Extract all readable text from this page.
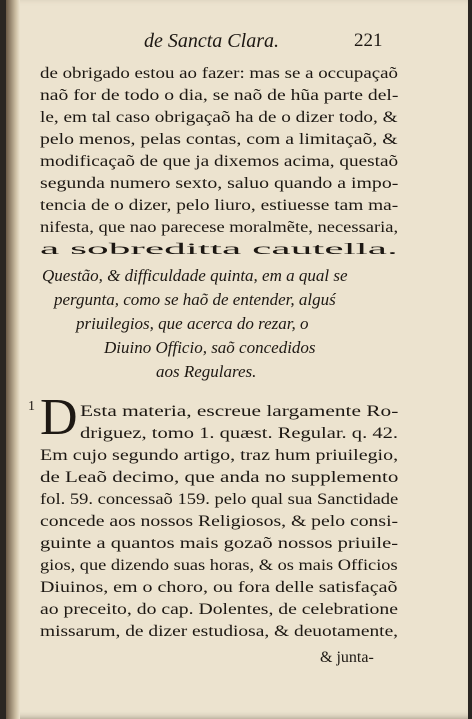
de Sancta Clara.	221
de obrigado estou ao fazer: mas se a occupaçaõ
naõ for de todo o dia, se naõ de hũa parte del-
le, em tal caso obrigaçaõ ha de o dizer todo, &
pelo menos, pelas contas, com a limitaçaõ, &
modificaçaõ de que ja dixemos acima, questaõ
segunda numero sexto, saluo quando a impo-
tencia de o dizer, pelo liuro, estiuesse tam ma-
nifesta, que nao parecese moralmẽte, necessaria,
a sobreditta cautella.
Questão, & difficuldade quinta, em a qual se
pergunta, como se haõ de entender, alguś
priuilegios, que acerca do rezar, o
Diuino Officio, saõ concedidos
aos Regulares.
1 D Esta materia, escreue largamente Ro-
driguez, tomo 1. quæst. Regular. q. 42.
Em cujo segundo artigo, traz hum priuilegio,
de Leaõ decimo, que anda no supplemento
fol. 59. concessaõ 159. pelo qual sua Sanctidade
concede aos nossos Religiosos, & pelo consi-
guinte a quantos mais gozaõ nossos priuile-
gios, que dizendo suas horas, & os mais Officios
Diuinos, em o choro, ou fora delle satisfaçaõ
ao preceito, do cap. Dolentes, de celebratione
missarum, de dizer estudiosa, & deuotamente,
& junta-
